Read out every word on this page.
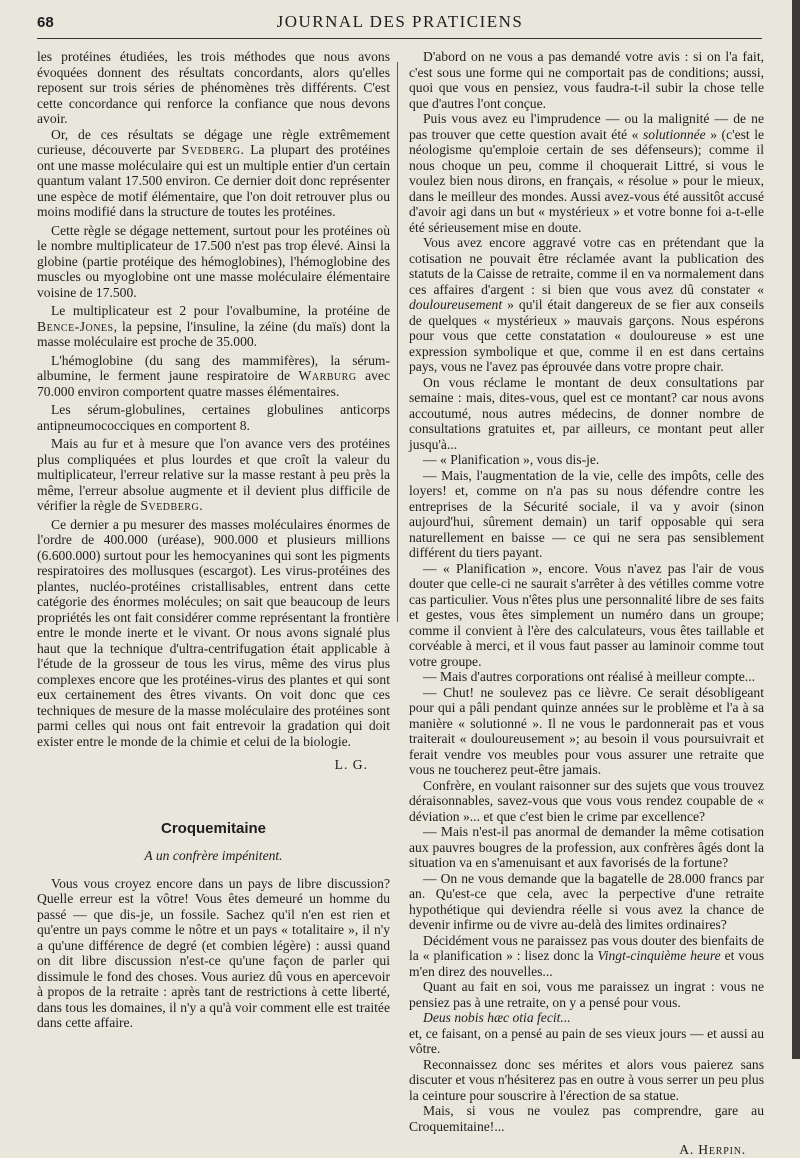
68	JOURNAL DES PRATICIENS

les protéines étudiées, les trois méthodes que nous avons évoquées donnent des résultats concordants, alors qu'elles reposent sur trois séries de phénomènes très différents. C'est cette concordance qui renforce la confiance que nous devons avoir.

Or, de ces résultats se dégage une règle extrêmement curieuse, découverte par Svedberg. La plupart des protéines ont une masse moléculaire qui est un multiple entier d'un certain quantum valant 17.500 environ. Ce dernier doit donc représenter une espèce de motif élémentaire, que l'on doit retrouver plus ou moins modifié dans la structure de toutes les protéines.

Cette règle se dégage nettement, surtout pour les protéines où le nombre multiplicateur de 17.500 n'est pas trop élevé. Ainsi la globine (partie protéique des hémoglobines), l'hémoglobine des muscles ou myoglobine ont une masse moléculaire élémentaire voisine de 17.500.

Le multiplicateur est 2 pour l'ovalbumine, la protéine de Bence-Jones, la pepsine, l'insuline, la zéine (du maïs) dont la masse moléculaire est proche de 35.000.

L'hémoglobine (du sang des mammifères), la sérum-albumine, le ferment jaune respiratoire de Warburg avec 70.000 environ comportent quatre masses élémentaires.

Les sérum-globulines, certaines globulines anticorps antipneumococciques en comportent 8.

Mais au fur et à mesure que l'on avance vers des protéines plus compliquées et plus lourdes et que croît la valeur du multiplicateur, l'erreur relative sur la masse restant à peu près la même, l'erreur absolue augmente et il devient plus difficile de vérifier la règle de Svedberg.

Ce dernier a pu mesurer des masses moléculaires énormes de l'ordre de 400.000 (uréase), 900.000 et plusieurs millions (6.600.000) surtout pour les hemocyanines qui sont les pigments respiratoires des mollusques (escargot). Les virus-protéines des plantes, nucléo-protéines cristallisables, entrent dans cette catégorie des énormes molécules; on sait que beaucoup de leurs propriétés les ont fait considérer comme représentant la frontière entre le monde inerte et le vivant. Or nous avons signalé plus haut que la technique d'ultra-centrifugation était applicable à l'étude de la grosseur de tous les virus, même des virus plus complexes encore que les protéines-virus des plantes et qui sont eux certainement des êtres vivants. On voit donc que ces techniques de mesure de la masse moléculaire des protéines sont parmi celles qui nous ont fait entrevoir la gradation qui doit exister entre le monde de la chimie et celui de la biologie.

L. G.
Croquemitaine
A un confrère impénitent.

Vous vous croyez encore dans un pays de libre discussion? Quelle erreur est la vôtre! Vous êtes demeuré un homme du passé — que dis-je, un fossile. Sachez qu'il n'en est rien et qu'entre un pays comme le nôtre et un pays « totalitaire », il n'y a qu'une différence de degré (et combien légère) : aussi quand on dit libre discussion n'est-ce qu'une façon de parler qui dissimule le fond des choses. Vous auriez dû vous en apercevoir à propos de la retraite : après tant de restrictions à cette liberté, dans tous les domaines, il n'y a qu'à voir comment elle est traitée dans cette affaire.

D'abord on ne vous a pas demandé votre avis : si on l'a fait, c'est sous une forme qui ne comportait pas de conditions; aussi, quoi que vous en pensiez, vous faudra-t-il subir la chose telle que d'autres l'ont conçue.

Puis vous avez eu l'imprudence — ou la malignité — de ne pas trouver que cette question avait été « solutionnée » (c'est le néologisme qu'emploie certain de ses défenseurs); comme il nous choque un peu, comme il choquerait Littré, si vous le voulez bien nous dirons, en français, « résolue » pour le mieux, dans le meilleur des mondes. Aussi avez-vous été aussitôt accusé d'avoir agi dans un but « mystérieux » et votre bonne foi a-t-elle été sérieusement mise en doute.

Vous avez encore aggravé votre cas en prétendant que la cotisation ne pouvait être réclamée avant la publication des statuts de la Caisse de retraite, comme il en va normalement dans ces affaires d'argent : si bien que vous avez dû constater « douloureusement » qu'il était dangereux de se fier aux conseils de quelques « mystérieux » mauvais garçons. Nous espérons pour vous que cette constatation « douloureuse » est une expression symbolique et que, comme il en est dans certains pays, vous ne l'avez pas éprouvée dans votre propre chair.

On vous réclame le montant de deux consultations par semaine : mais, dites-vous, quel est ce montant? car nous avons accoutumé, nous autres médecins, de donner nombre de consultations gratuites et, par ailleurs, ce montant peut aller jusqu'à...

— « Planification », vous dis-je.

— Mais, l'augmentation de la vie, celle des impôts, celle des loyers! et, comme on n'a pas su nous défendre contre les entreprises de la Sécurité sociale, il va y avoir (sinon aujourd'hui, sûrement demain) un tarif opposable qui sera naturellement en baisse — ce qui ne sera pas sensiblement différent du tiers payant.

— « Planification », encore. Vous n'avez pas l'air de vous douter que celle-ci ne saurait s'arrêter à des vétilles comme votre cas particulier. Vous n'êtes plus une personnalité libre de ses faits et gestes, vous êtes simplement un numéro dans un groupe; comme il convient à l'ère des calculateurs, vous êtes taillable et corvéable à merci, et il vous faut passer au laminoir comme tout votre groupe.

— Mais d'autres corporations ont réalisé à meilleur compte...

— Chut! ne soulevez pas ce lièvre. Ce serait désobligeant pour qui a pâli pendant quinze années sur le problème et l'a à sa manière « solutionné ». Il ne vous le pardonnerait pas et vous traiterait « douloureusement »; au besoin il vous poursuivrait et ferait vendre vos meubles pour vous assurer une retraite que vous ne toucherez peut-être jamais.

Confrère, en voulant raisonner sur des sujets que vous trouvez déraisonnables, savez-vous que vous vous rendez coupable de « déviation »... et que c'est bien le crime par excellence?

— Mais n'est-il pas anormal de demander la même cotisation aux pauvres bougres de la profession, aux confrères âgés dont la situation va en s'amenuisant et aux favorisés de la fortune?

— On ne vous demande que la bagatelle de 28.000 francs par an. Qu'est-ce que cela, avec la perpective d'une retraite hypothétique qui deviendra réelle si vous avez la chance de devenir infirme ou de vivre au-delà des limites ordinaires?

Décidément vous ne paraissez pas vous douter des bienfaits de la « planification » : lisez donc la Vingt-cinquième heure et vous m'en direz des nouvelles...

Quant au fait en soi, vous me paraissez un ingrat : vous ne pensiez pas à une retraite, on y a pensé pour vous.

Deus nobis hæc otia fecit...

et, ce faisant, on a pensé au pain de ses vieux jours — et aussi au vôtre.

Reconnaissez donc ses mérites et alors vous paierez sans discuter et vous n'hésiterez pas en outre à vous serrer un peu plus la ceinture pour souscrire à l'érection de sa statue.

Mais, si vous ne voulez pas comprendre, gare au Croquemitaine!...

A. Herpin.
